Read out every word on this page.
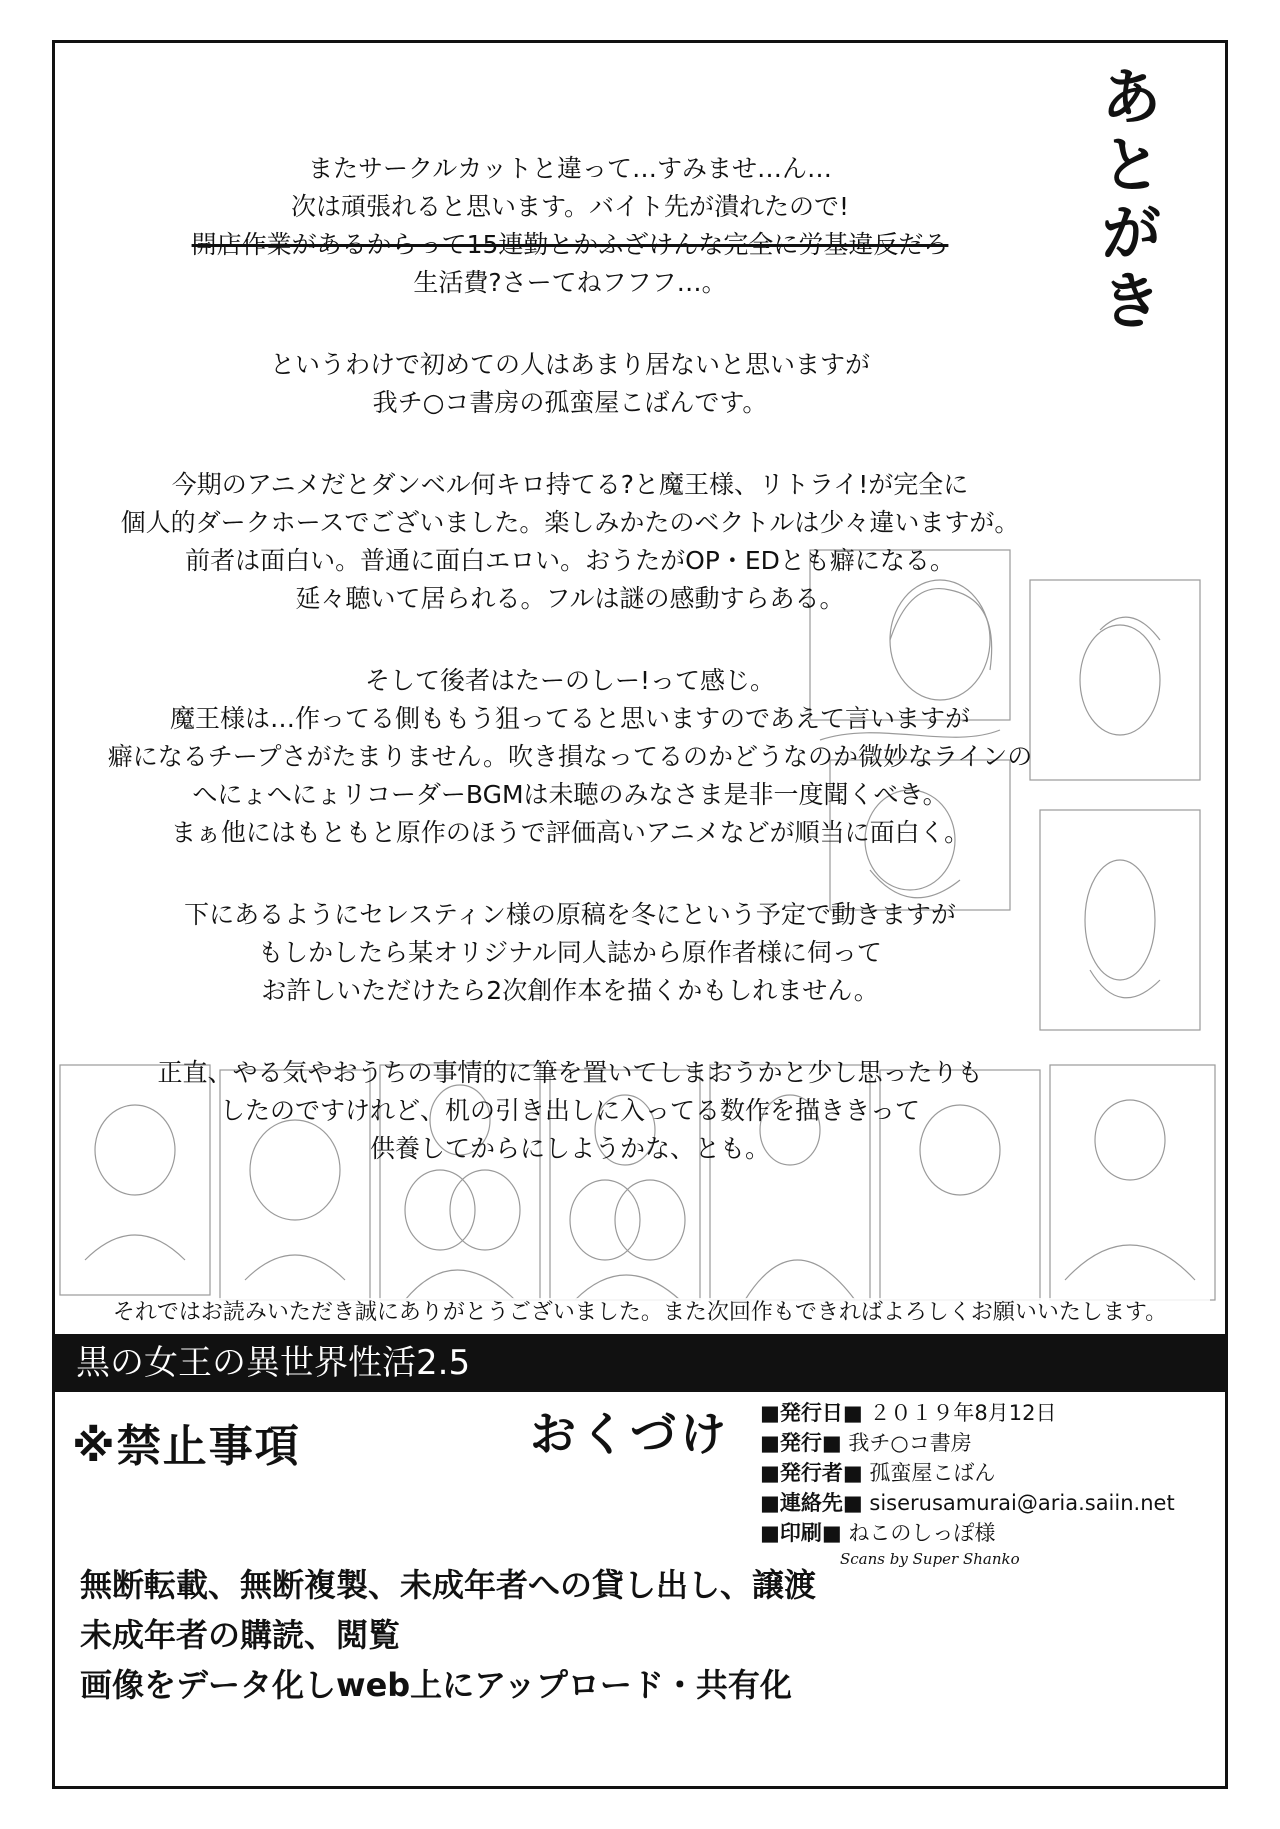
あとがき
またサークルカットと違って…すみませ…ん…
次は頑張れると思います。バイト先が潰れたので!
開店作業があるからって15連勤とかふざけんな完全に労基違反だろ
生活費?さーてねフフフ…。
というわけで初めての人はあまり居ないと思いますが
我チ○コ書房の孤蛮屋こばんです。
今期のアニメだとダンベル何キロ持てる?と魔王様、リトライ!が完全に
個人的ダークホースでございました。楽しみかたのベクトルは少々違いますが。
前者は面白い。普通に面白エロい。おうたがOP・EDとも癖になる。
延々聴いて居られる。フルは謎の感動すらある。
そして後者はたーのしー!って感じ。
魔王様は…作ってる側ももう狙ってると思いますのであえて言いますが
癖になるチープさがたまりません。吹き損なってるのかどうなのか微妙なラインの
へにょへにょリコーダーBGMは未聴のみなさま是非一度聞くべき。
まぁ他にはもともと原作のほうで評価高いアニメなどが順当に面白く。
下にあるようにセレスティン様の原稿を冬にという予定で動きますが
もしかしたら某オリジナル同人誌から原作者様に伺って
お許しいただけたら2次創作本を描くかもしれません。
正直、やる気やおうちの事情的に筆を置いてしまおうかと少し思ったりも
したのですけれど、机の引き出しに入ってる数作を描ききって
供養してからにしようかな、とも。
それではお読みいただき誠にありがとうございました。また次回作もできればよろしくお願いいたします。
黒の女王の異世界性活2.5
※禁止事項	おくづけ ■発行日■ ２０１９年8月12日
■発行■ 我チ○コ書房
■発行者■ 孤蛮屋こばん
■連絡先■ siserusamurai@aria.saiin.net
■印刷■ ねこのしっぽ様
Scans by Super Shanko
無断転載、無断複製、未成年者への貸し出し、譲渡
未成年者の購読、閲覧
画像をデータ化しweb上にアップロード・共有化
